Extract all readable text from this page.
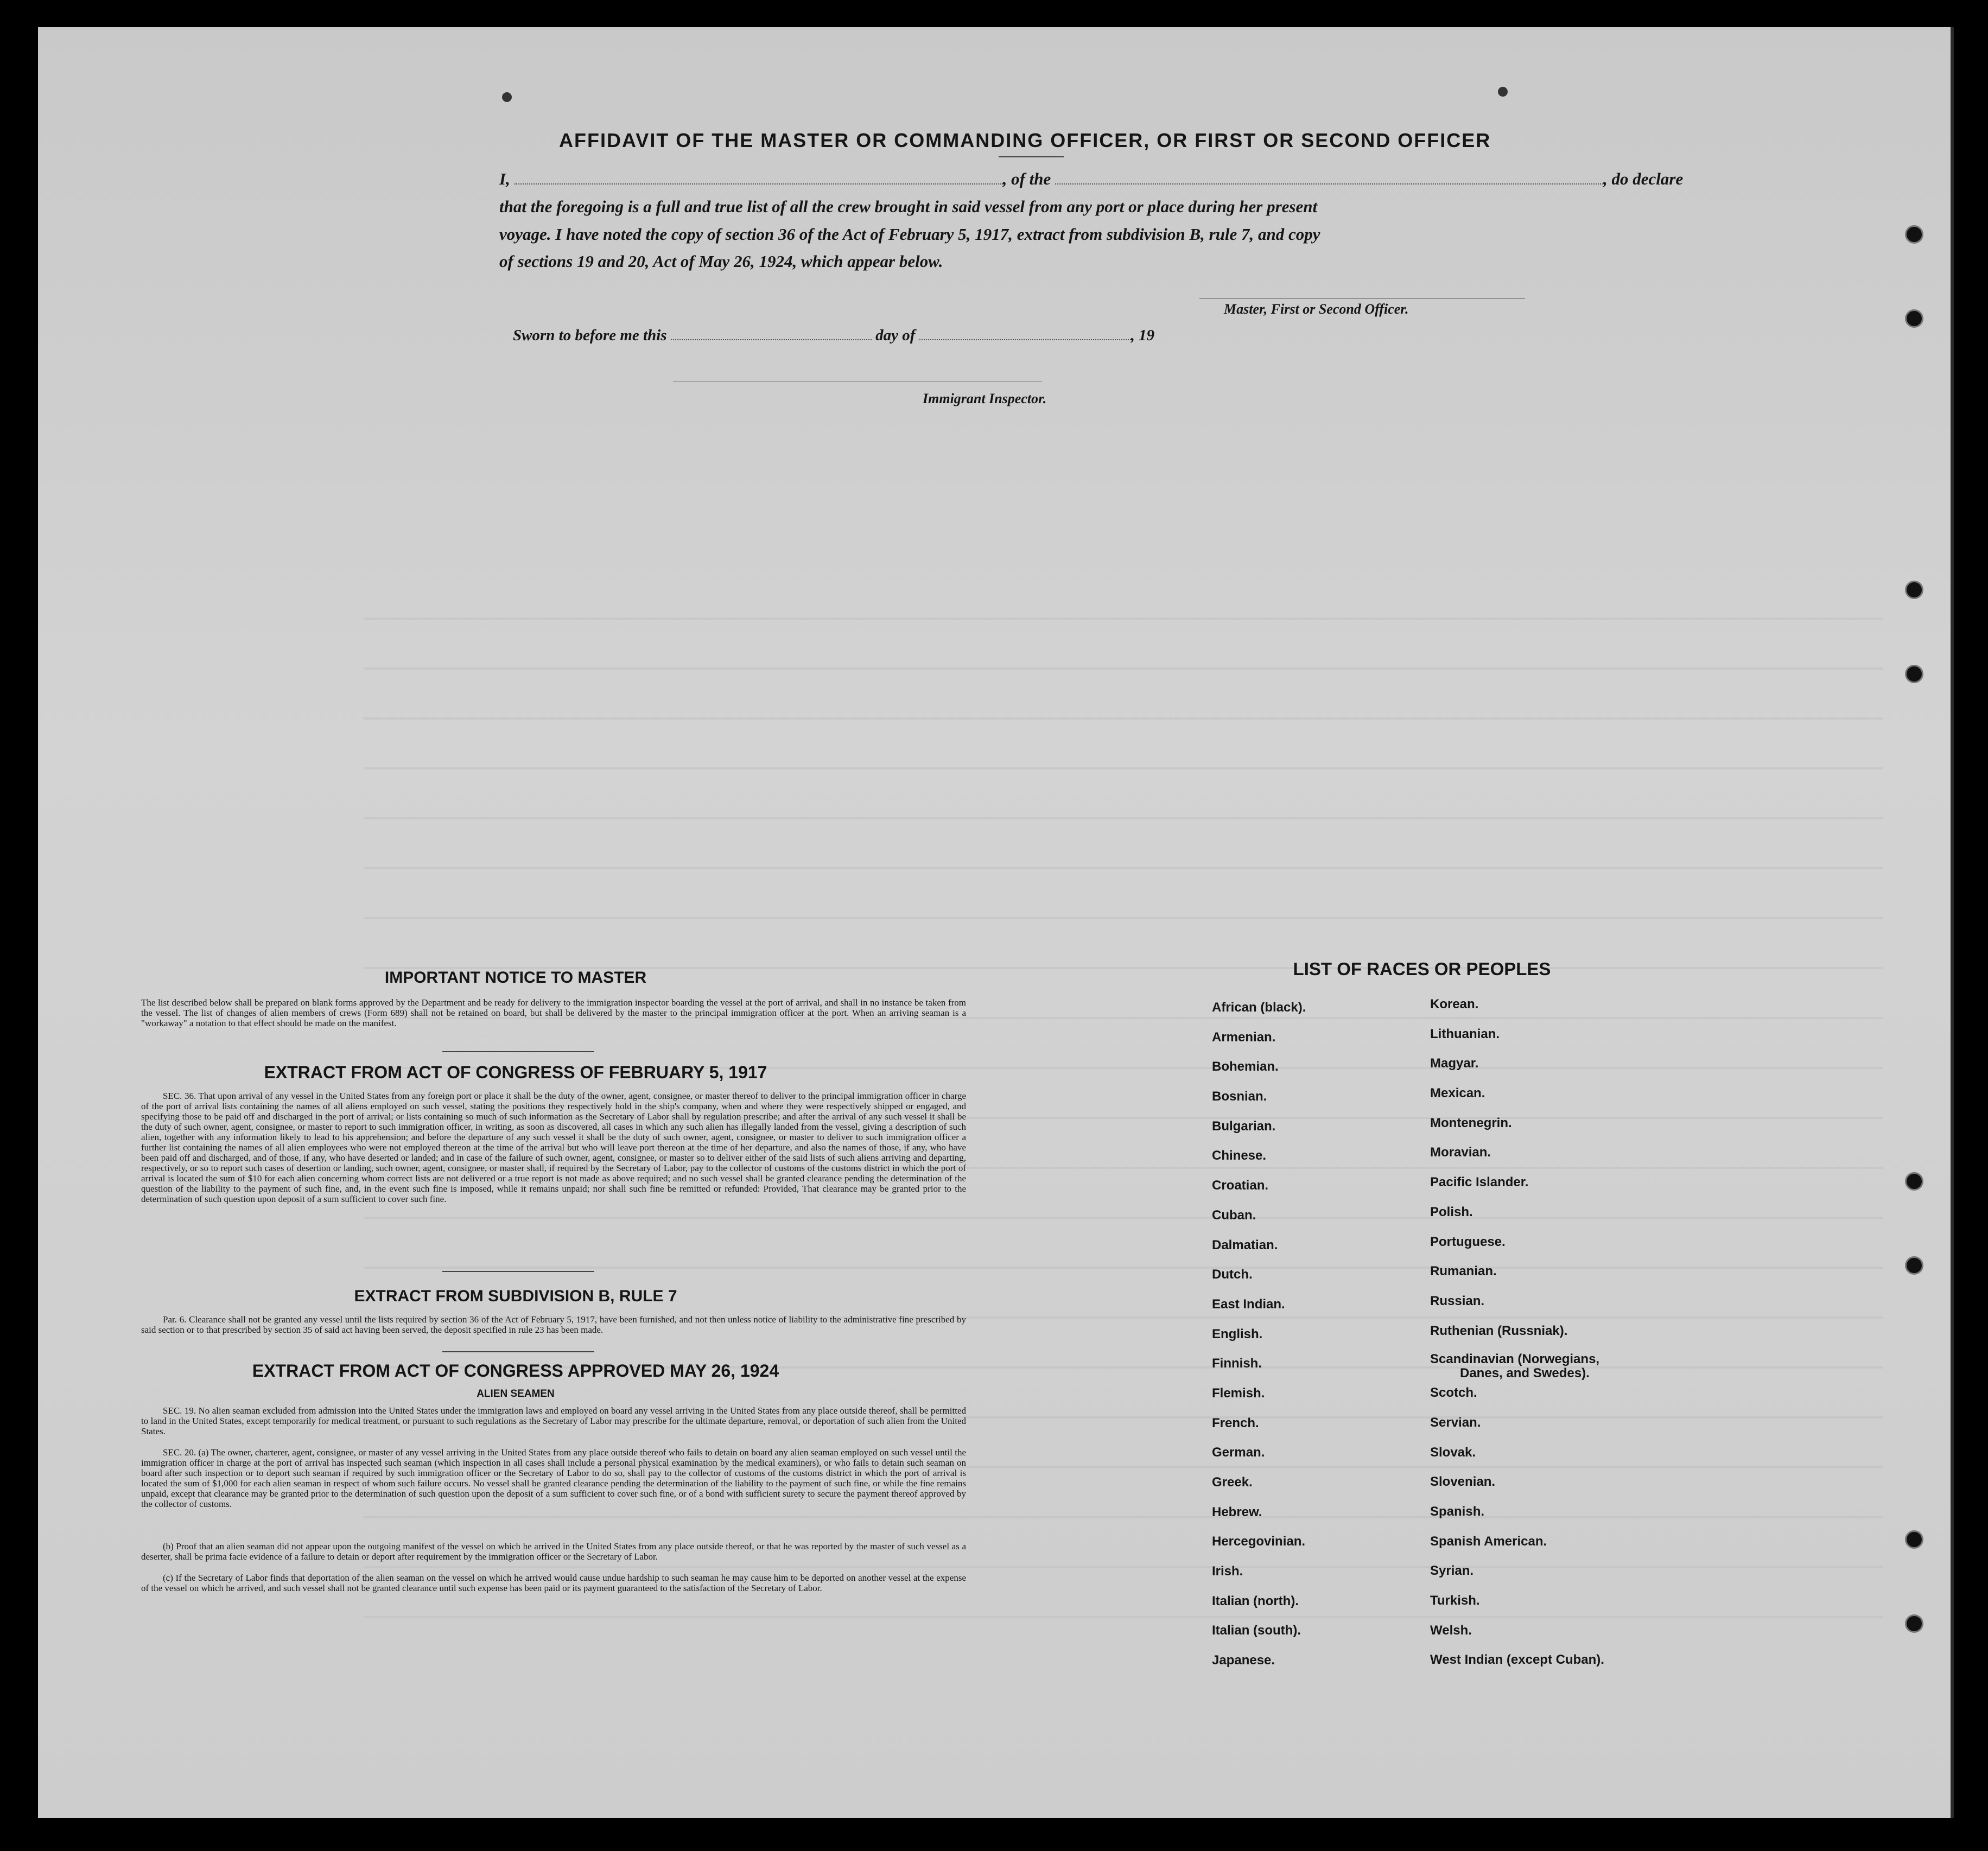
AFFIDAVIT OF THE MASTER OR COMMANDING OFFICER, OR FIRST OR SECOND OFFICER
I,	, of the	, do declare
that the foregoing is a full and true list of all the crew brought in said vessel from any port or place during her present
voyage. I have noted the copy of section 36 of the Act of February 5, 1917, extract from subdivision B, rule 7, and copy
of sections 19 and 20, Act of May 26, 1924, which appear below.
Master, First or Second Officer.
Sworn to before me this	day of	, 19
Immigrant Inspector.
IMPORTANT NOTICE TO MASTER
The list described below shall be prepared on blank forms approved by the Department and be ready for delivery to the immigration inspector boarding the vessel at the port of arrival, and shall in no instance be taken from the vessel. The list of changes of alien members of crews (Form 689) shall not be retained on board, but shall be delivered by the master to the principal immigration officer at the port. When an arriving seaman is a "workaway" a notation to that effect should be made on the manifest.
EXTRACT FROM ACT OF CONGRESS OF FEBRUARY 5, 1917
SEC. 36. That upon arrival of any vessel in the United States from any foreign port or place it shall be the duty of the owner, agent, consignee, or master thereof to deliver to the principal immigration officer in charge of the port of arrival lists containing the names of all aliens employed on such vessel, stating the positions they respectively hold in the ship's company, when and where they were respectively shipped or engaged, and specifying those to be paid off and discharged in the port of arrival; or lists containing so much of such information as the Secretary of Labor shall by regulation prescribe; and after the arrival of any such vessel it shall be the duty of such owner, agent, consignee, or master to report to such immigration officer, in writing, as soon as discovered, all cases in which any such alien has illegally landed from the vessel, giving a description of such alien, together with any information likely to lead to his apprehension; and before the departure of any such vessel it shall be the duty of such owner, agent, consignee, or master to deliver to such immigration officer a further list containing the names of all alien employees who were not employed thereon at the time of the arrival but who will leave port thereon at the time of her departure, and also the names of those, if any, who have been paid off and discharged, and of those, if any, who have deserted or landed; and in case of the failure of such owner, agent, consignee, or master so to deliver either of the said lists of such aliens arriving and departing, respectively, or so to report such cases of desertion or landing, such owner, agent, consignee, or master shall, if required by the Secretary of Labor, pay to the collector of customs of the customs district in which the port of arrival is located the sum of $10 for each alien concerning whom correct lists are not delivered or a true report is not made as above required; and no such vessel shall be granted clearance pending the determination of the question of the liability to the payment of such fine, and, in the event such fine is imposed, while it remains unpaid; nor shall such fine be remitted or refunded: Provided, That clearance may be granted prior to the determination of such question upon deposit of a sum sufficient to cover such fine.
EXTRACT FROM SUBDIVISION B, RULE 7
Par. 6. Clearance shall not be granted any vessel until the lists required by section 36 of the Act of February 5, 1917, have been furnished, and not then unless notice of liability to the administrative fine prescribed by said section or to that prescribed by section 35 of said act having been served, the deposit specified in rule 23 has been made.
EXTRACT FROM ACT OF CONGRESS APPROVED MAY 26, 1924
ALIEN SEAMEN
SEC. 19. No alien seaman excluded from admission into the United States under the immigration laws and employed on board any vessel arriving in the United States from any place outside thereof, shall be permitted to land in the United States, except temporarily for medical treatment, or pursuant to such regulations as the Secretary of Labor may prescribe for the ultimate departure, removal, or deportation of such alien from the United States.
SEC. 20. (a) The owner, charterer, agent, consignee, or master of any vessel arriving in the United States from any place outside thereof who fails to detain on board any alien seaman employed on such vessel until the immigration officer in charge at the port of arrival has inspected such seaman (which inspection in all cases shall include a personal physical examination by the medical examiners), or who fails to detain such seaman on board after such inspection or to deport such seaman if required by such immigration officer or the Secretary of Labor to do so, shall pay to the collector of customs of the customs district in which the port of arrival is located the sum of $1,000 for each alien seaman in respect of whom such failure occurs. No vessel shall be granted clearance pending the determination of the liability to the payment of such fine, or while the fine remains unpaid, except that clearance may be granted prior to the determination of such question upon the deposit of a sum sufficient to cover such fine, or of a bond with sufficient surety to secure the payment thereof approved by the collector of customs.
(b) Proof that an alien seaman did not appear upon the outgoing manifest of the vessel on which he arrived in the United States from any place outside thereof, or that he was reported by the master of such vessel as a deserter, shall be prima facie evidence of a failure to detain or deport after requirement by the immigration officer or the Secretary of Labor.
(c) If the Secretary of Labor finds that deportation of the alien seaman on the vessel on which he arrived would cause undue hardship to such seaman he may cause him to be deported on another vessel at the expense of the vessel on which he arrived, and such vessel shall not be granted clearance until such expense has been paid or its payment guaranteed to the satisfaction of the Secretary of Labor.
LIST OF RACES OR PEOPLES
African (black).
Armenian.
Bohemian.
Bosnian.
Bulgarian.
Chinese.
Croatian.
Cuban.
Dalmatian.
Dutch.
East Indian.
English.
Finnish.
Flemish.
French.
German.
Greek.
Hebrew.
Hercegovinian.
Irish.
Italian (north).
Italian (south).
Japanese.
Korean.
Lithuanian.
Magyar.
Mexican.
Montenegrin.
Moravian.
Pacific Islander.
Polish.
Portuguese.
Rumanian.
Russian.
Ruthenian (Russniak).
Scandinavian (Norwegians,
Danes, and Swedes).
Scotch.
Servian.
Slovak.
Slovenian.
Spanish.
Spanish American.
Syrian.
Turkish.
Welsh.
West Indian (except Cuban).
